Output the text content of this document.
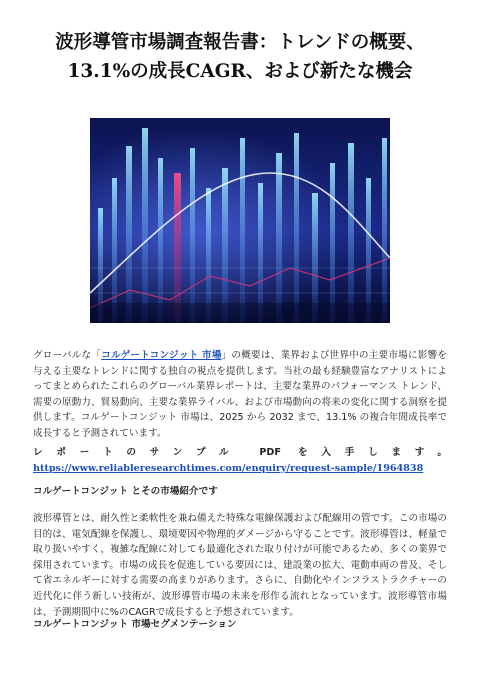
波形導管市場調査報告書：トレンドの概要、
13.1%の成長CAGR、および新たな機会
グローバルな「コルゲートコンジット 市場」の概要は、業界および世界中の主要市場に影響を与える主要なトレンドに関する独自の視点を提供します。当社の最も経験豊富なアナリストによってまとめられたこれらのグローバル業界レポートは、主要な業界のパフォーマンス トレンド、需要の原動力、貿易動向、主要な業界ライバル、および市場動向の将来の変化に関する洞察を提供します。コルゲートコンジット 市場は、2025 から 2032 まで、13.1% の複合年間成長率で成長すると予測されています。
レポートのサンプル PDF を入手します。 https://www.reliableresearchtimes.com/enquiry/request-sample/1964838
コルゲートコンジット とその市場紹介です
波形導管とは、耐久性と柔軟性を兼ね備えた特殊な電線保護および配線用の管です。この市場の目的は、電気配線を保護し、環境要因や物理的ダメージから守ることです。波形導管は、軽量で取り扱いやすく、複雑な配線に対しても最適化された取り付けが可能であるため、多くの業界で採用されています。市場の成長を促進している要因には、建設業の拡大、電動車両の普及、そして省エネルギーに対する需要の高まりがあります。さらに、自動化やインフラストラクチャーの近代化に伴う新しい技術が、波形導管市場の未来を形作る流れとなっています。波形導管市場は、予測期間中に%のCAGRで成長すると予想されています。
コルゲートコンジット 市場セグメンテーション
